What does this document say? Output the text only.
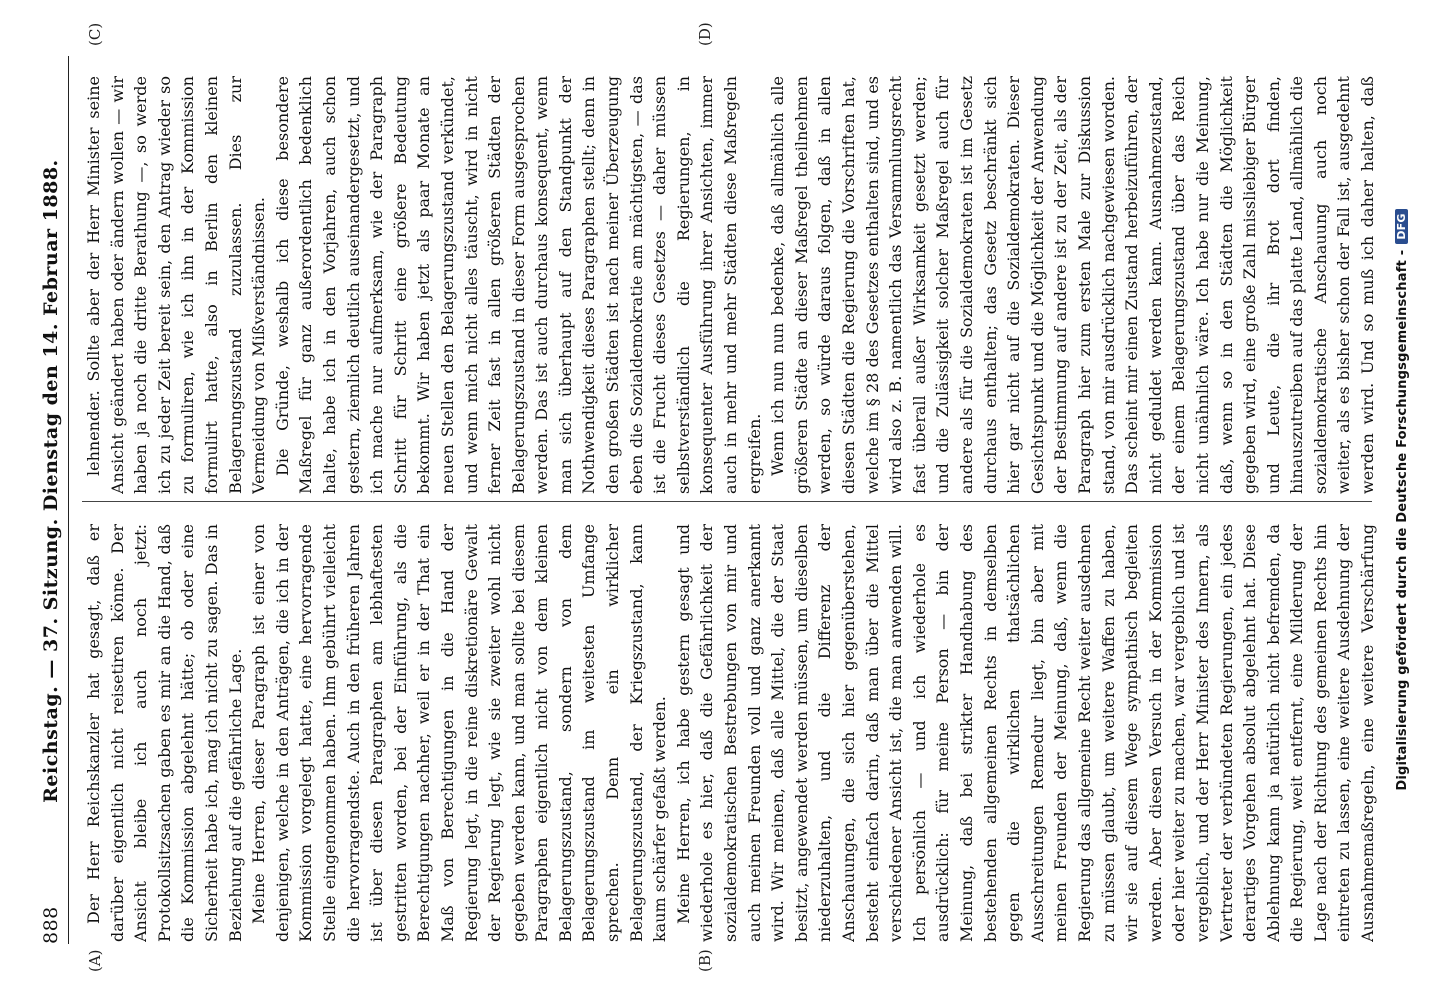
888
Reichstag. — 37. Sitzung. Dienstag den 14. Februar 1888.
(A)	(B)
(C)	(D)

Der Herr Reichskanzler hat gesagt, daß er darüber eigentlich nicht reisetiren könne. Der Ansicht bleibe ich auch noch jetzt: Protokollsitzsachen gaben es mir an die Hand, daß die Kommission abgelehnt hätte; ob oder eine Sicherheit habe ich, mag ich nicht zu sagen. Das in Beziehung auf die gefährliche Lage. Meine Herren, dieser Paragraph ist einer von denjenigen, welche in den Anträgen, die ich in der Kommission vorgelegt hatte, eine hervorragende Stelle eingenommen haben. Ihm gebührt vielleicht die hervorragendste. Auch in den früheren Jahren ist über diesen Paragraphen am lebhaftesten gestritten worden, bei der Einführung, als die Berechtigungen nachher, weil er in der That ein Maß von Berechtigungen in die Hand der Regierung legt, in die reine diskretionäre Gewalt der Regierung legt, wie sie zweiter wohl nicht gegeben werden kann, und man sollte bei diesem Paragraphen eigentlich nicht von dem kleinen Belagerungszustand, sondern von dem Belagerungszustand im weitesten Umfange sprechen. Denn ein wirklicher Belagerungszustand, der Kriegszustand, kann kaum schärfer gefaßt werden. Meine Herren, ich habe gestern gesagt und wiederhole es hier, daß die Gefährlichkeit der sozialdemokratischen Bestrebungen von mir und auch meinen Freunden voll und ganz anerkannt wird. Wir meinen, daß alle Mittel, die der Staat besitzt, angewendet werden müssen, um dieselben niederzuhalten, und die Differenz der Anschauungen, die sich hier gegenüberstehen, besteht einfach darin, daß man über die Mittel verschiedener Ansicht ist, die man anwenden will. Ich persönlich — und ich wiederhole es ausdrücklich: für meine Person — bin der Meinung, daß bei strikter Handhabung des bestehenden allgemeinen Rechts in demselben gegen die wirklichen thatsächlichen Ausschreitungen Remedur liegt, bin aber mit meinen Freunden der Meinung, daß, wenn die Regierung das allgemeine Recht weiter ausdehnen zu müssen glaubt, um weitere Waffen zu haben, wir sie auf diesem Wege sympathisch begleiten werden. Aber diesen Versuch in der Kommission oder hier weiter zu machen, war vergeblich und ist vergeblich, und der Herr Minister des Innern, als Vertreter der verbündeten Regierungen, ein jedes derartiges Vorgehen absolut abgelehnt hat. Diese Ablehnung kann ja natürlich nicht befremden, da die Regierung, weit entfernt, eine Milderung der Lage nach der Richtung des gemeinen Rechts hin eintreten zu lassen, eine weitere Ausdehnung der Ausnahmemaßregeln, eine weitere Verschärfung

lehnender. Sollte aber der Herr Minister seine Ansicht geändert haben oder ändern wollen — wir haben ja noch die dritte Berathung —, so werde ich zu jeder Zeit bereit sein, den Antrag wieder so zu formuliren, wie ich ihn in der Kommission formulirt hatte, also in Berlin den kleinen Belagerungszustand zuzulassen. Dies zur Vermeidung von Mißverständnissen. Die Gründe, weshalb ich diese besondere Maßregel für ganz außerordentlich bedenklich halte, habe ich in den Vorjahren, auch schon gestern, ziemlich deutlich auseinandergesetzt, und ich mache nur aufmerksam, wie der Paragraph Schritt für Schritt eine größere Bedeutung bekommt. Wir haben jetzt als paar Monate an neuen Stellen den Belagerungszustand verkündet, und wenn mich nicht alles täuscht, wird in nicht ferner Zeit fast in allen größeren Städten der Belagerungszustand in dieser Form ausgesprochen werden. Das ist auch durchaus konsequent, wenn man sich überhaupt auf den Standpunkt der Nothwendigkeit dieses Paragraphen stellt; denn in den großen Städten ist nach meiner Überzeugung eben die Sozialdemokratie am mächtigsten, — das ist die Frucht dieses Gesetzes — daher müssen selbstverständlich die Regierungen, in konsequenter Ausführung ihrer Ansichten, immer auch in mehr und mehr Städten diese Maßregeln ergreifen. Wenn ich nun nun bedenke, daß allmählich alle größeren Städte an dieser Maßregel theilnehmen werden, so würde daraus folgen, daß in allen diesen Städten die Regierung die Vorschriften hat, welche im § 28 des Gesetzes enthalten sind, und es wird also z. B. namentlich das Versammlungsrecht fast überall außer Wirksamkeit gesetzt werden; und die Zulässigkeit solcher Maßregel auch für andere als für die Sozialdemokraten ist im Gesetz durchaus enthalten; das Gesetz beschränkt sich hier gar nicht auf die Sozialdemokraten. Dieser Gesichtspunkt und die Möglichkeit der Anwendung der Bestimmung auf andere ist zu der Zeit, als der Paragraph hier zum ersten Male zur Diskussion stand, von mir ausdrücklich nachgewiesen worden. Das scheint mir einen Zustand herbeizuführen, der nicht geduldet werden kann. Ausnahmezustand, der einem Belagerungszustand über das Reich nicht unähnlich wäre. Ich habe nur die Meinung, daß, wenn so in den Städten die Möglichkeit gegeben wird, eine große Zahl missliebiger Bürger und Leute, die ihr Brot dort finden, hinauszutreiben auf das platte Land, allmählich die sozialdemokratische Anschauung auch noch weiter, als es bisher schon der Fall ist, ausgedehnt werden wird. Und so muß ich daher halten, daß

Digitalisierung gefördert durch die Deutsche Forschungsgemeinschaft -DFG
